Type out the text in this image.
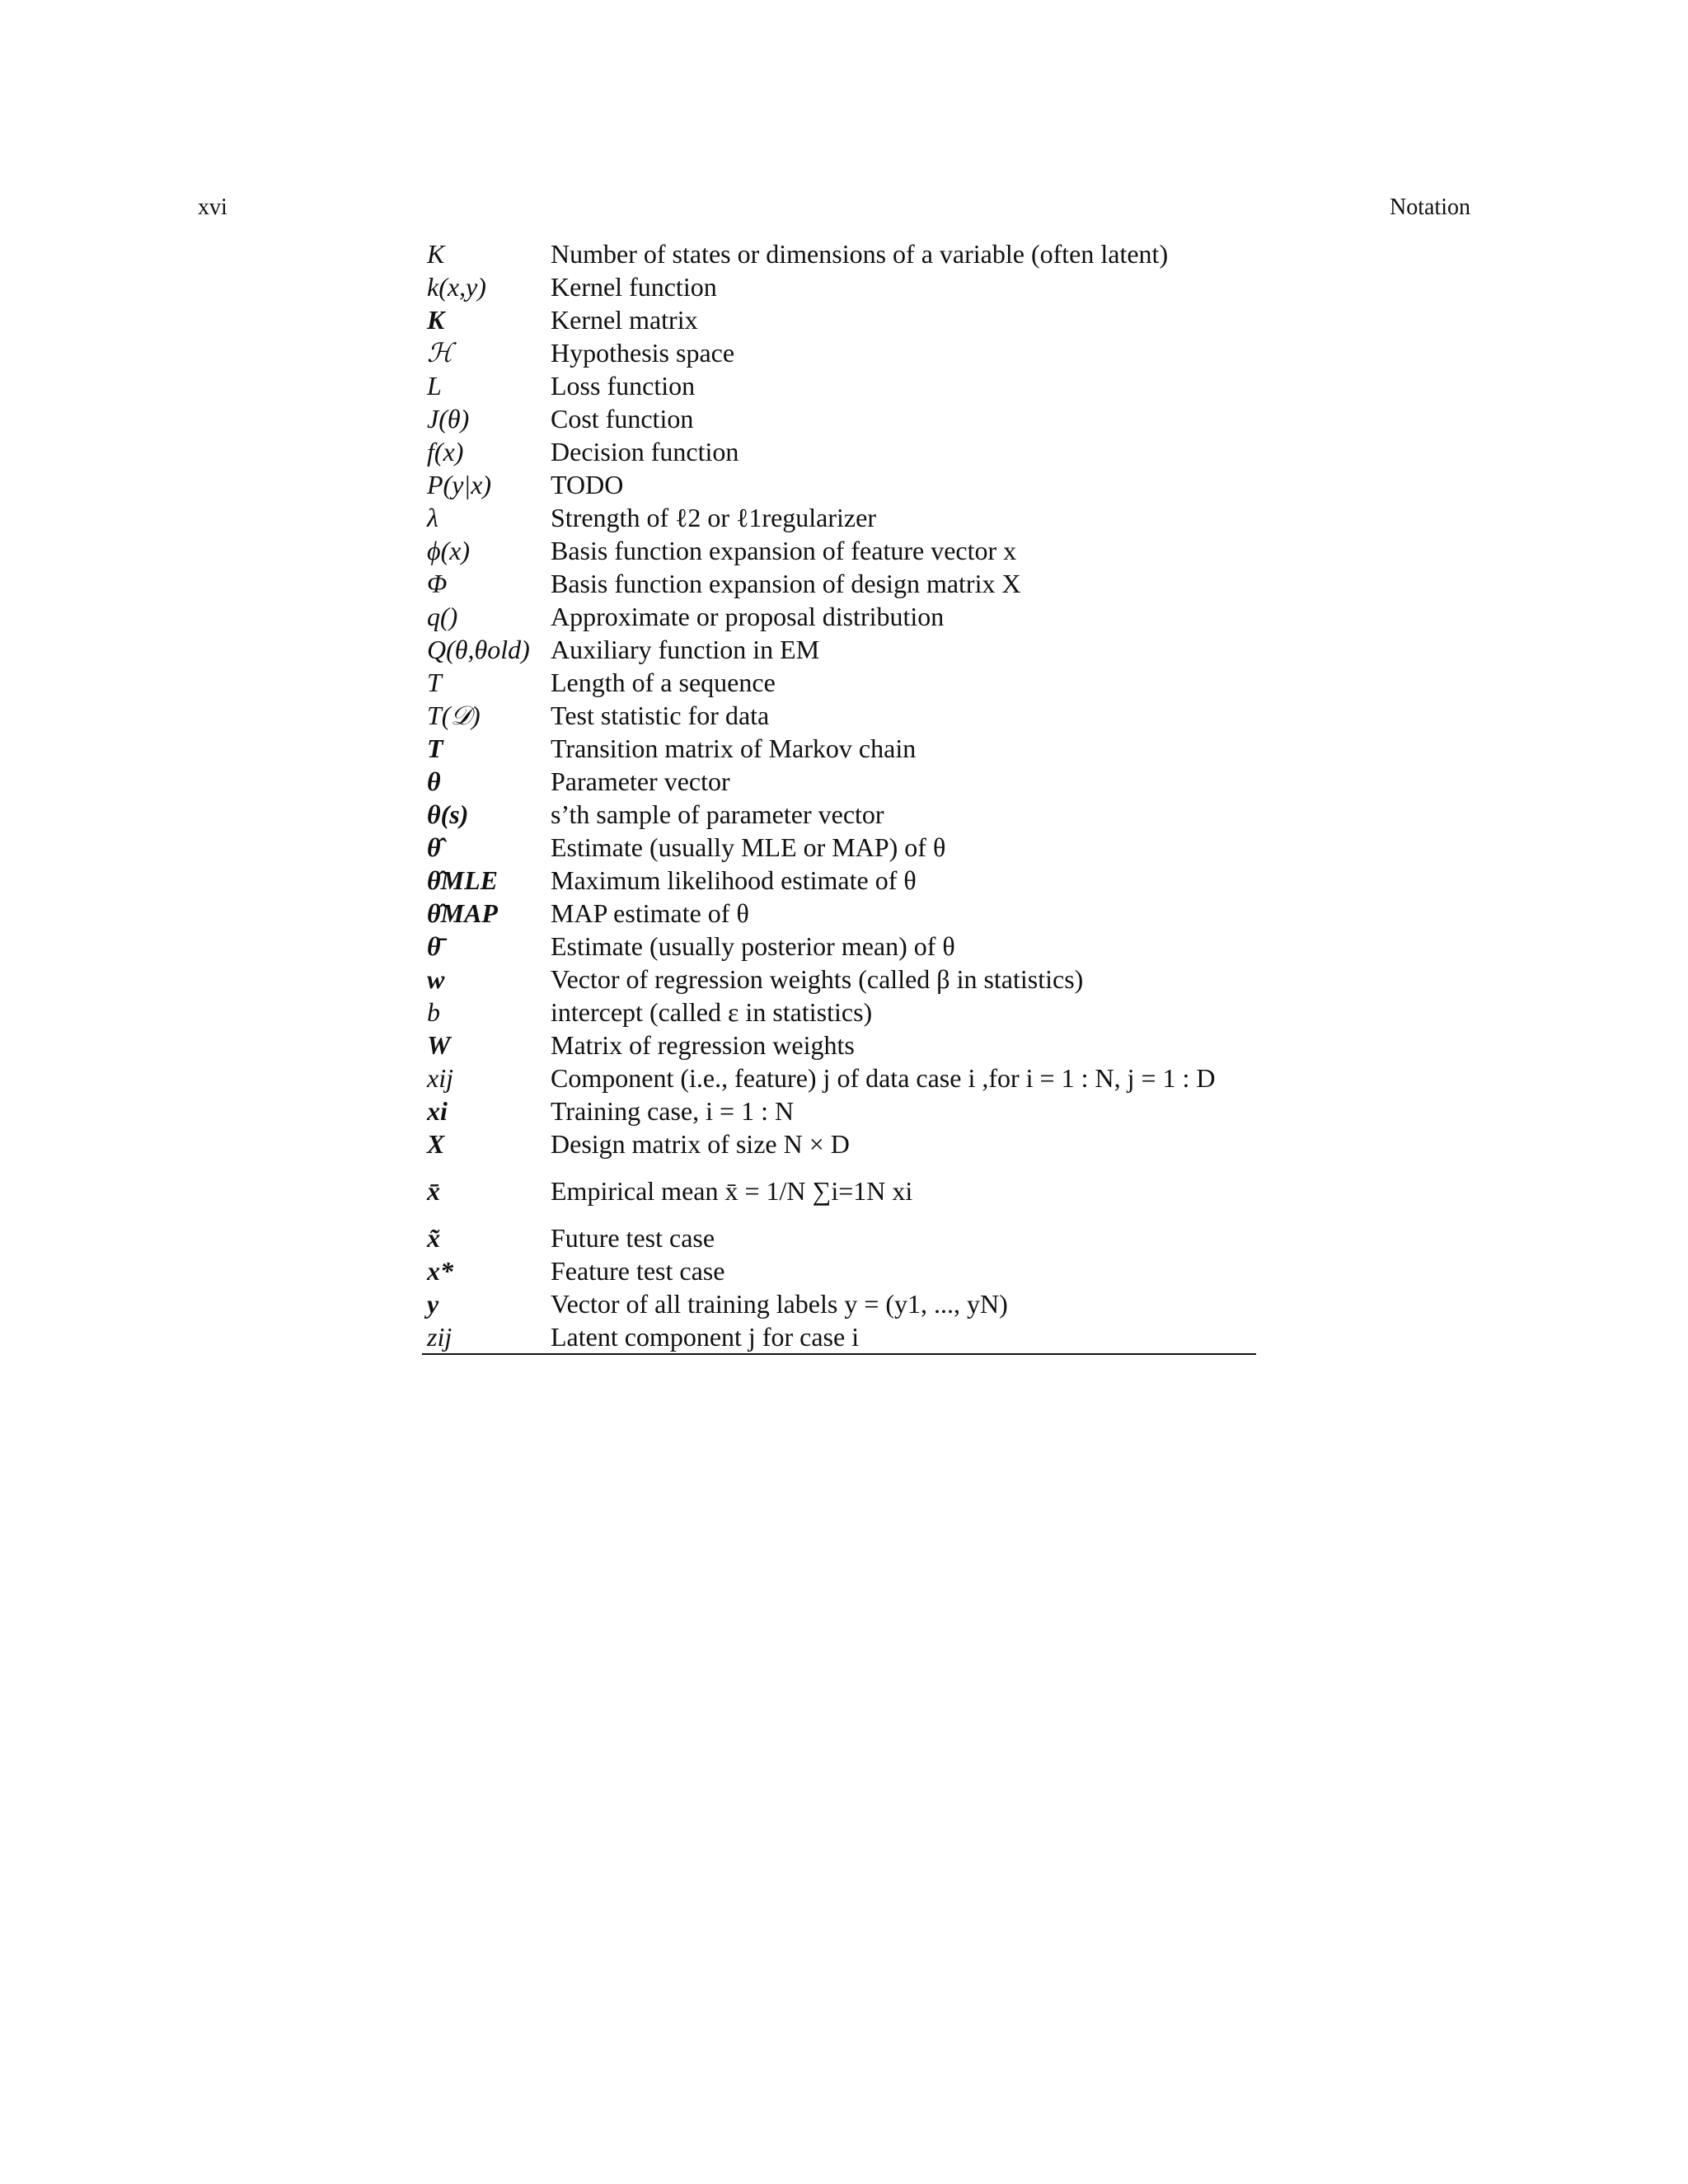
xvi	Notation
K	Number of states or dimensions of a variable (often latent)
k(x,y)	Kernel function
K	Kernel matrix
ℋ	Hypothesis space
L	Loss function
J(θ)	Cost function
f(x)	Decision function
P(y|x)	TODO
λ	Strength of ℓ2 or ℓ1regularizer
ϕ(x)	Basis function expansion of feature vector x
Φ	Basis function expansion of design matrix X
q()	Approximate or proposal distribution
Q(θ,θold)	Auxiliary function in EM
T	Length of a sequence
T(𝒟)	Test statistic for data
T	Transition matrix of Markov chain
θ	Parameter vector
θ(s)	s’th sample of parameter vector
θ̂	Estimate (usually MLE or MAP) of θ
θ̂MLE	Maximum likelihood estimate of θ
θ̂MAP	MAP estimate of θ
θ̄	Estimate (usually posterior mean) of θ
w	Vector of regression weights (called β in statistics)
b	intercept (called ε in statistics)
W	Matrix of regression weights
xij	Component (i.e., feature) j of data case i ,for i = 1 : N, j = 1 : D
xi	Training case, i = 1 : N
X	Design matrix of size N × D
x̄	Empirical mean x̄ = 1/N ∑i=1N xi
x̃	Future test case
x*	Feature test case
y	Vector of all training labels y = (y1, ..., yN)
zij	Latent component j for case i
